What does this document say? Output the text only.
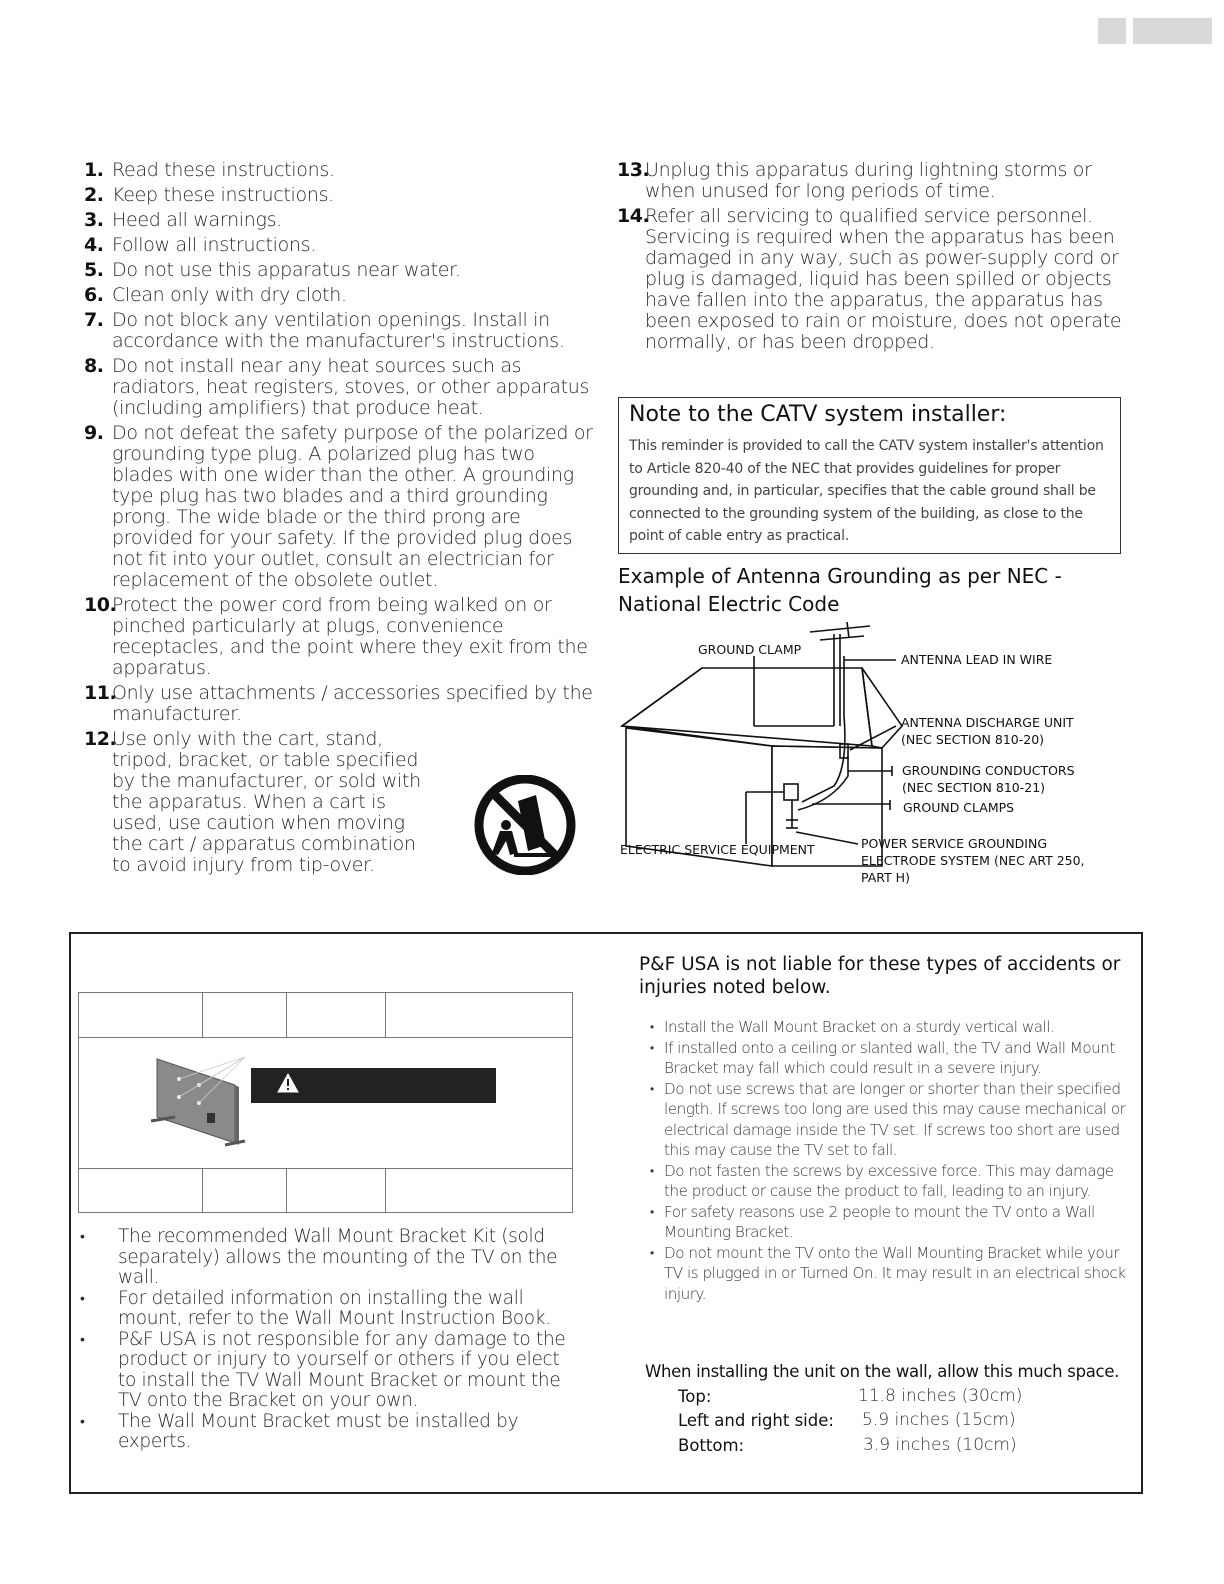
1. Read these instructions.
2. Keep these instructions.
3. Heed all warnings.
4. Follow all instructions.
5. Do not use this apparatus near water.
6. Clean only with dry cloth.
7. Do not block any ventilation openings. Install in accordance with the manufacturer's instructions.
8. Do not install near any heat sources such as radiators, heat registers, stoves, or other apparatus (including amplifiers) that produce heat.
9. Do not defeat the safety purpose of the polarized or grounding type plug. A polarized plug has two blades with one wider than the other. A grounding type plug has two blades and a third grounding prong. The wide blade or the third prong are provided for your safety. If the provided plug does not fit into your outlet, consult an electrician for replacement of the obsolete outlet.
10.
Protect the power cord from being walked on or pinched particularly at plugs, convenience receptacles, and the point where they exit from the apparatus.
11.
Only use attachments / accessories specified by the manufacturer.
12.
Use only with the cart, stand, tripod, bracket, or table specified by the manufacturer, or sold with the apparatus. When a cart is used, use caution when moving the cart / apparatus combination to avoid injury from tip-over.
13.
Unplug this apparatus during lightning storms or when unused for long periods of time.
14.
Refer all servicing to qualified service personnel. Servicing is required when the apparatus has been damaged in any way, such as power-supply cord or plug is damaged, liquid has been spilled or objects have fallen into the apparatus, the apparatus has been exposed to rain or moisture, does not operate normally, or has been dropped.
Note to the CATV system installer:

This reminder is provided to call the CATV system installer's attention to Article 820-40 of the NEC that provides guidelines for proper grounding and, in particular, specifies that the cable ground shall be connected to the grounding system of the building, as close to the point of cable entry as practical.

Example of Antenna Grounding as per NEC - National Electric Code
GROUND CLAMP
ANTENNA LEAD IN WIRE
ANTENNA DISCHARGE UNIT
(NEC SECTION 810-20)
GROUNDING CONDUCTORS
(NEC SECTION 810-21)
GROUND CLAMPS
ELECTRIC SERVICE EQUIPMENT	POWER SERVICE GROUNDING
ELECTRODE SYSTEM (NEC ART 250,
PART H)
• The recommended Wall Mount Bracket Kit (sold separately) allows the mounting of the TV on the wall.
• For detailed information on installing the wall mount, refer to the Wall Mount Instruction Book.
• P&F USA is not responsible for any damage to the product or injury to yourself or others if you elect to install the TV Wall Mount Bracket or mount the TV onto the Bracket on your own.
• The Wall Mount Bracket must be installed by experts.
P&F USA is not liable for these types of accidents or injuries noted below.
• Install the Wall Mount Bracket on a sturdy vertical wall.
• If installed onto a ceiling or slanted wall, the TV and Wall Mount Bracket may fall which could result in a severe injury.
• Do not use screws that are longer or shorter than their specified length. If screws too long are used this may cause mechanical or electrical damage inside the TV set. If screws too short are used this may cause the TV set to fall.
• Do not fasten the screws by excessive force. This may damage the product or cause the product to fall, leading to an injury.
• For safety reasons use 2 people to mount the TV onto a Wall Mounting Bracket.
• Do not mount the TV onto the Wall Mounting Bracket while your TV is plugged in or Turned On. It may result in an electrical shock injury.
When installing the unit on the wall, allow this much space.
Top:	11.8 inches (30cm)
Left and right side: 5.9 inches (15cm)
Bottom:	3.9 inches (10cm)
